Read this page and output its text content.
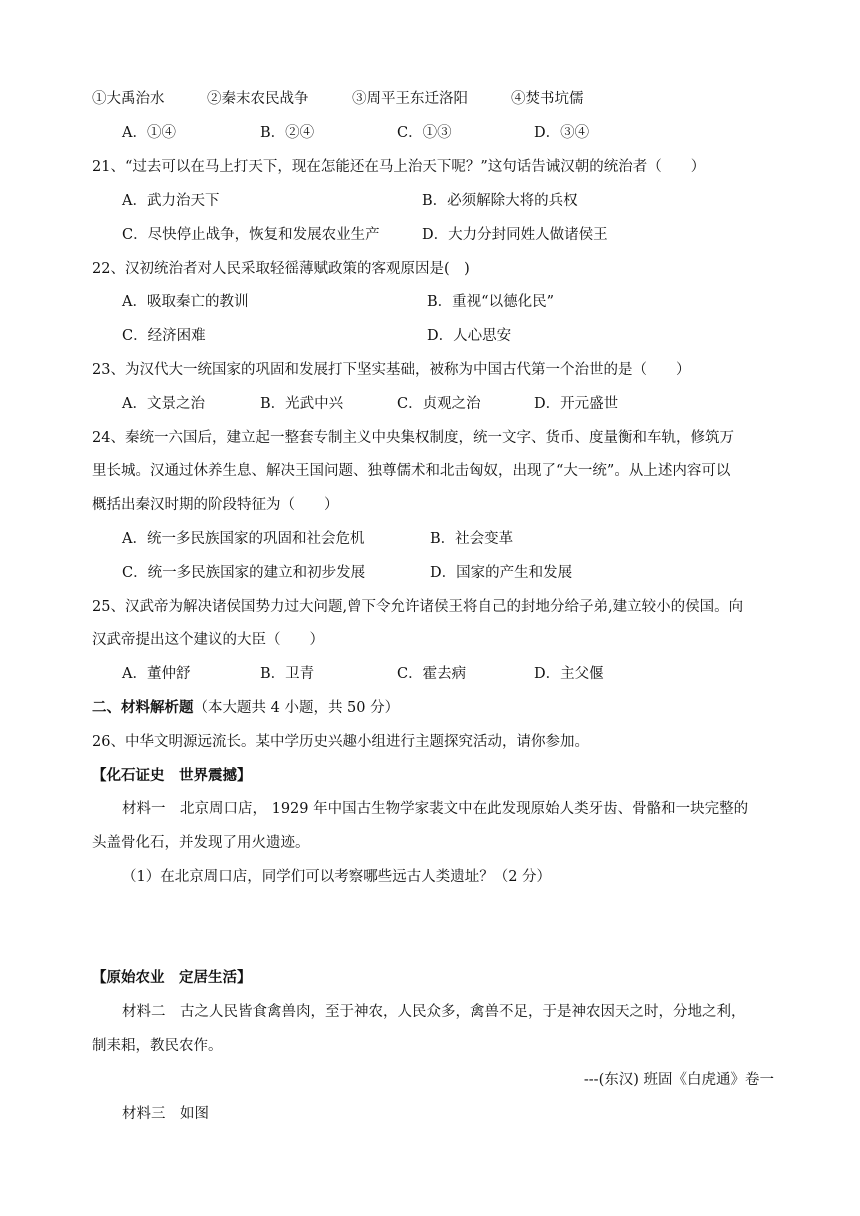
①大禹治水	②秦末农民战争	③周平王东迁洛阳	④焚书坑儒
A．①④	B．②④	C．①③	D．③④
21、“过去可以在马上打天下，现在怎能还在马上治天下呢？”这句话告诫汉朝的统治者（　　）
A．武力治天下	B．必须解除大将的兵权
C．尽快停止战争，恢复和发展农业生产	D．大力分封同姓人做诸侯王
22、汉初统治者对人民采取轻徭薄赋政策的客观原因是(　)
A．吸取秦亡的教训	B．重视“以德化民”
C．经济困难	D．人心思安
23、为汉代大一统国家的巩固和发展打下坚实基础，被称为中国古代第一个治世的是（　　）
A．文景之治	B．光武中兴	C．贞观之治	D．开元盛世
24、秦统一六国后，建立起一整套专制主义中央集权制度，统一文字、货币、度量衡和车轨，修筑万
里长城。汉通过休养生息、解决王国问题、独尊儒术和北击匈奴，出现了“大一统”。从上述内容可以
概括出秦汉时期的阶段特征为（　　）
A．统一多民族国家的巩固和社会危机	B．社会变革
C．统一多民族国家的建立和初步发展	D．国家的产生和发展
25、汉武帝为解决诸侯国势力过大问题,曾下令允许诸侯王将自己的封地分给子弟,建立较小的侯国。向
汉武帝提出这个建议的大臣（　　）
A．董仲舒	B．卫青	C．霍去病	D．主父偃
二、材料解析题（本大题共 4 小题，共 50 分）
26、中华文明源远流长。某中学历史兴趣小组进行主题探究活动，请你参加。
【化石证史　世界震撼】
材料一　北京周口店， 1929 年中国古生物学家裴文中在此发现原始人类牙齿、骨骼和一块完整的
头盖骨化石，并发现了用火遗迹。
（1）在北京周口店，同学们可以考察哪些远古人类遗址？（2 分）
【原始农业　定居生活】
材料二　古之人民皆食禽兽肉，至于神农，人民众多，禽兽不足，于是神农因天之时，分地之利，
制耒耜，教民农作。
---(东汉) 班固《白虎通》卷一
材料三　如图
